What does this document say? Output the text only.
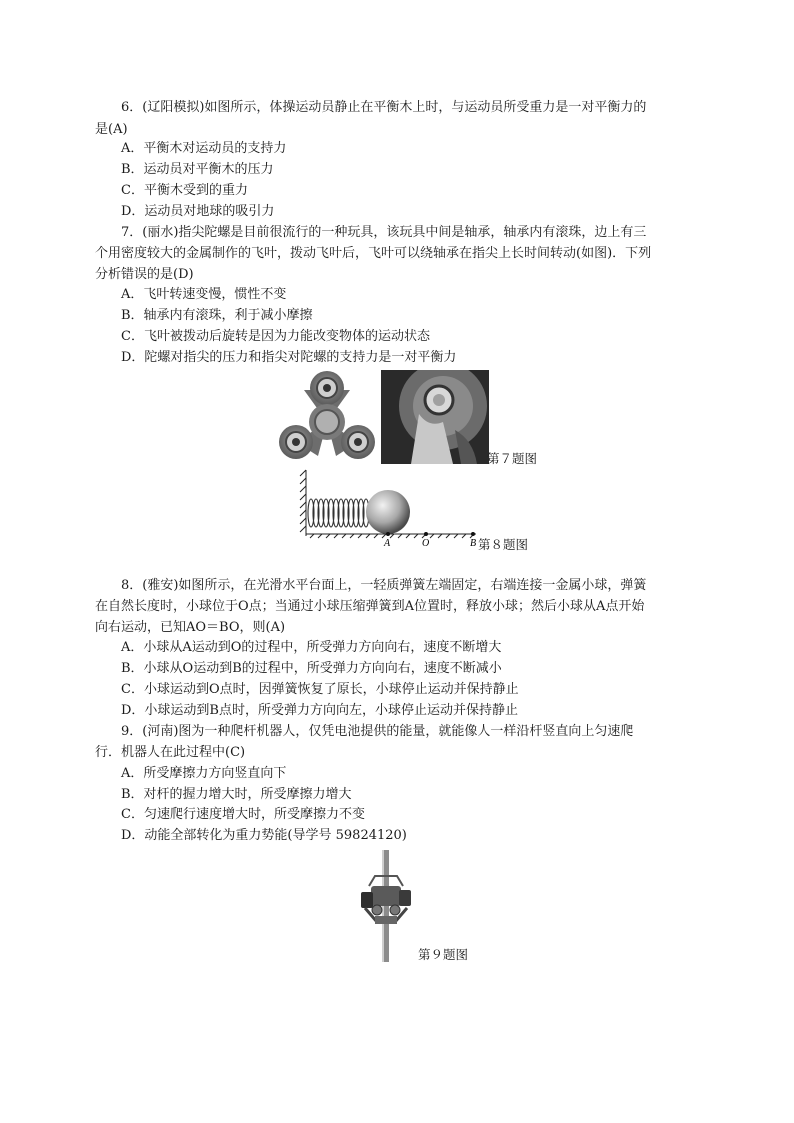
6．(辽阳模拟)如图所示，体操运动员静止在平衡木上时，与运动员所受重力是一对平衡力的
是(A)
A．平衡木对运动员的支持力
B．运动员对平衡木的压力
C．平衡木受到的重力
D．运动员对地球的吸引力
7．(丽水)指尖陀螺是目前很流行的一种玩具，该玩具中间是轴承，轴承内有滚珠，边上有三
个用密度较大的金属制作的飞叶，拨动飞叶后，飞叶可以绕轴承在指尖上长时间转动(如图)．下列
分析错误的是(D)
A．飞叶转速变慢，惯性不变
B．轴承内有滚珠，利于减小摩擦
C．飞叶被拨动后旋转是因为力能改变物体的运动状态
D．陀螺对指尖的压力和指尖对陀螺的支持力是一对平衡力
第７题图
A	O	B 第８题图
8．(雅安)如图所示，在光滑水平台面上，一轻质弹簧左端固定，右端连接一金属小球，弹簧
在自然长度时，小球位于O点；当通过小球压缩弹簧到A位置时，释放小球；然后小球从A点开始
向右运动，已知AO＝BO，则(A)
A．小球从A运动到O的过程中，所受弹力方向向右，速度不断增大
B．小球从O运动到B的过程中，所受弹力方向向右，速度不断减小
C．小球运动到O点时，因弹簧恢复了原长，小球停止运动并保持静止
D．小球运动到B点时，所受弹力方向向左，小球停止运动并保持静止
9．(河南)图为一种爬杆机器人，仅凭电池提供的能量，就能像人一样沿杆竖直向上匀速爬
行．机器人在此过程中(C)
A．所受摩擦力方向竖直向下
B．对杆的握力增大时，所受摩擦力增大
C．匀速爬行速度增大时，所受摩擦力不变
D．动能全部转化为重力势能(导学号 59824120)
第９题图
